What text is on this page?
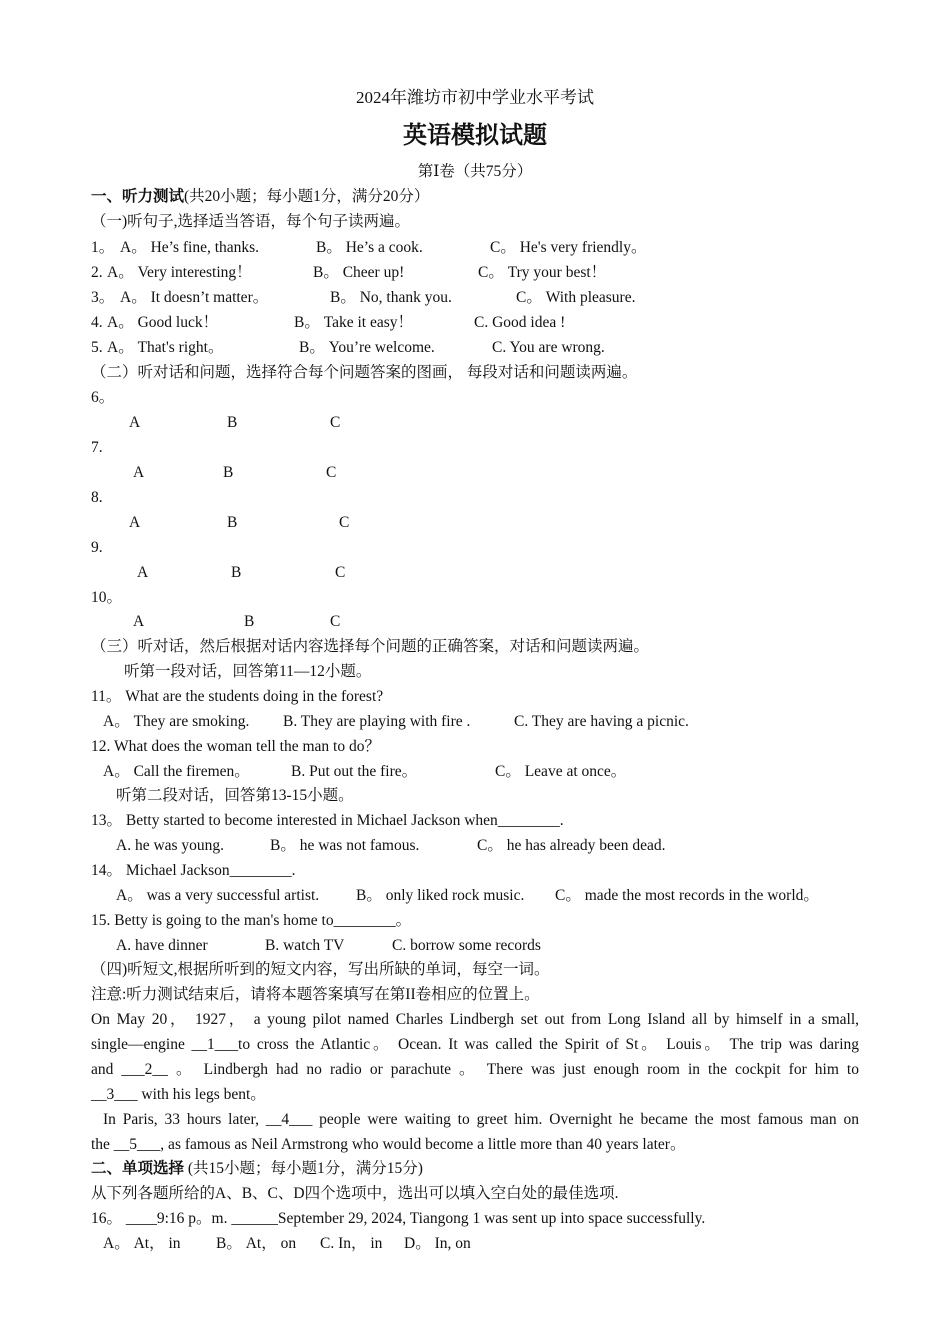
2024年潍坊市初中学业水平考试
英语模拟试题
第Ⅰ卷（共75分）
一、听力测试(共20小题；每小题1分，满分20分）
（一)听句子,选择适当答语，每个句子读两遍。
1。 A。 He’s fine, thanks.	B。 He’s a cook.	C。 He's very friendly。
2. A。 Very interesting！	B。 Cheer up!	C。 Try your best！
3。 A。 It doesn’t matter。	B。 No, thank you.	C。 With pleasure.
4. A。 Good luck！	B。 Take it easy！	C. Good idea !
5. A。 That's right。	B。 You’re welcome.	C. You are wrong.
（二）听对话和问题，选择符合每个问题答案的图画， 每段对话和问题读两遍。
6。
A	B	C
7.
A	B	C
8.
A	B	C
9.
A	B	C
10。
A	B	C
（三）听对话，然后根据对话内容选择每个问题的正确答案，对话和问题读两遍。
听第一段对话，回答第11—12小题。
11。 What are the students doing in the forest?
A。 They are smoking. B. They are playing with fire .	C. They are having a picnic.
12. What does the woman tell the man to do？
A。 Call the firemen。	B. Put out the fire。	C。 Leave at once。
听第二段对话，回答第13-15小题。
13。 Betty started to become interested in Michael Jackson when________.
A. he was young.	B。 he was not famous.	C。 he has already been dead.
14。 Michael Jackson________.
A。 was a very successful artist. B。 only liked rock music. C。 made the most records in the world。
15. Betty is going to the man's home to________。
A. have dinner	B. watch TV	C. borrow some records
（四)听短文,根据所听到的短文内容，写出所缺的单词，每空一词。
注意:听力测试结束后，请将本题答案填写在第II卷相应的位置上。
On May 20， 1927， a young pilot named Charles Lindbergh set out from Long Island all by himself in a small,
single—engine __1___to cross the Atlantic。 Ocean. It was called the Spirit of St。 Louis。 The trip was daring
and ___2__ 。 Lindbergh had no radio or parachute 。 There was just enough room in the cockpit for him to
__3___ with his legs bent。
In Paris, 33 hours later, __4___ people were waiting to greet him. Overnight he became the most famous man on
the __5___, as famous as Neil Armstrong who would become a little more than 40 years later。
二、单项选择 (共15小题；每小题1分，满分15分)
从下列各题所给的A、B、C、D四个选项中，选出可以填入空白处的最佳选项.
16。 ____9:16 p。m. ______September 29, 2024, Tiangong 1 was sent up into space successfully.
A。 At， in B。 At， on C. In， in D。 In, on
